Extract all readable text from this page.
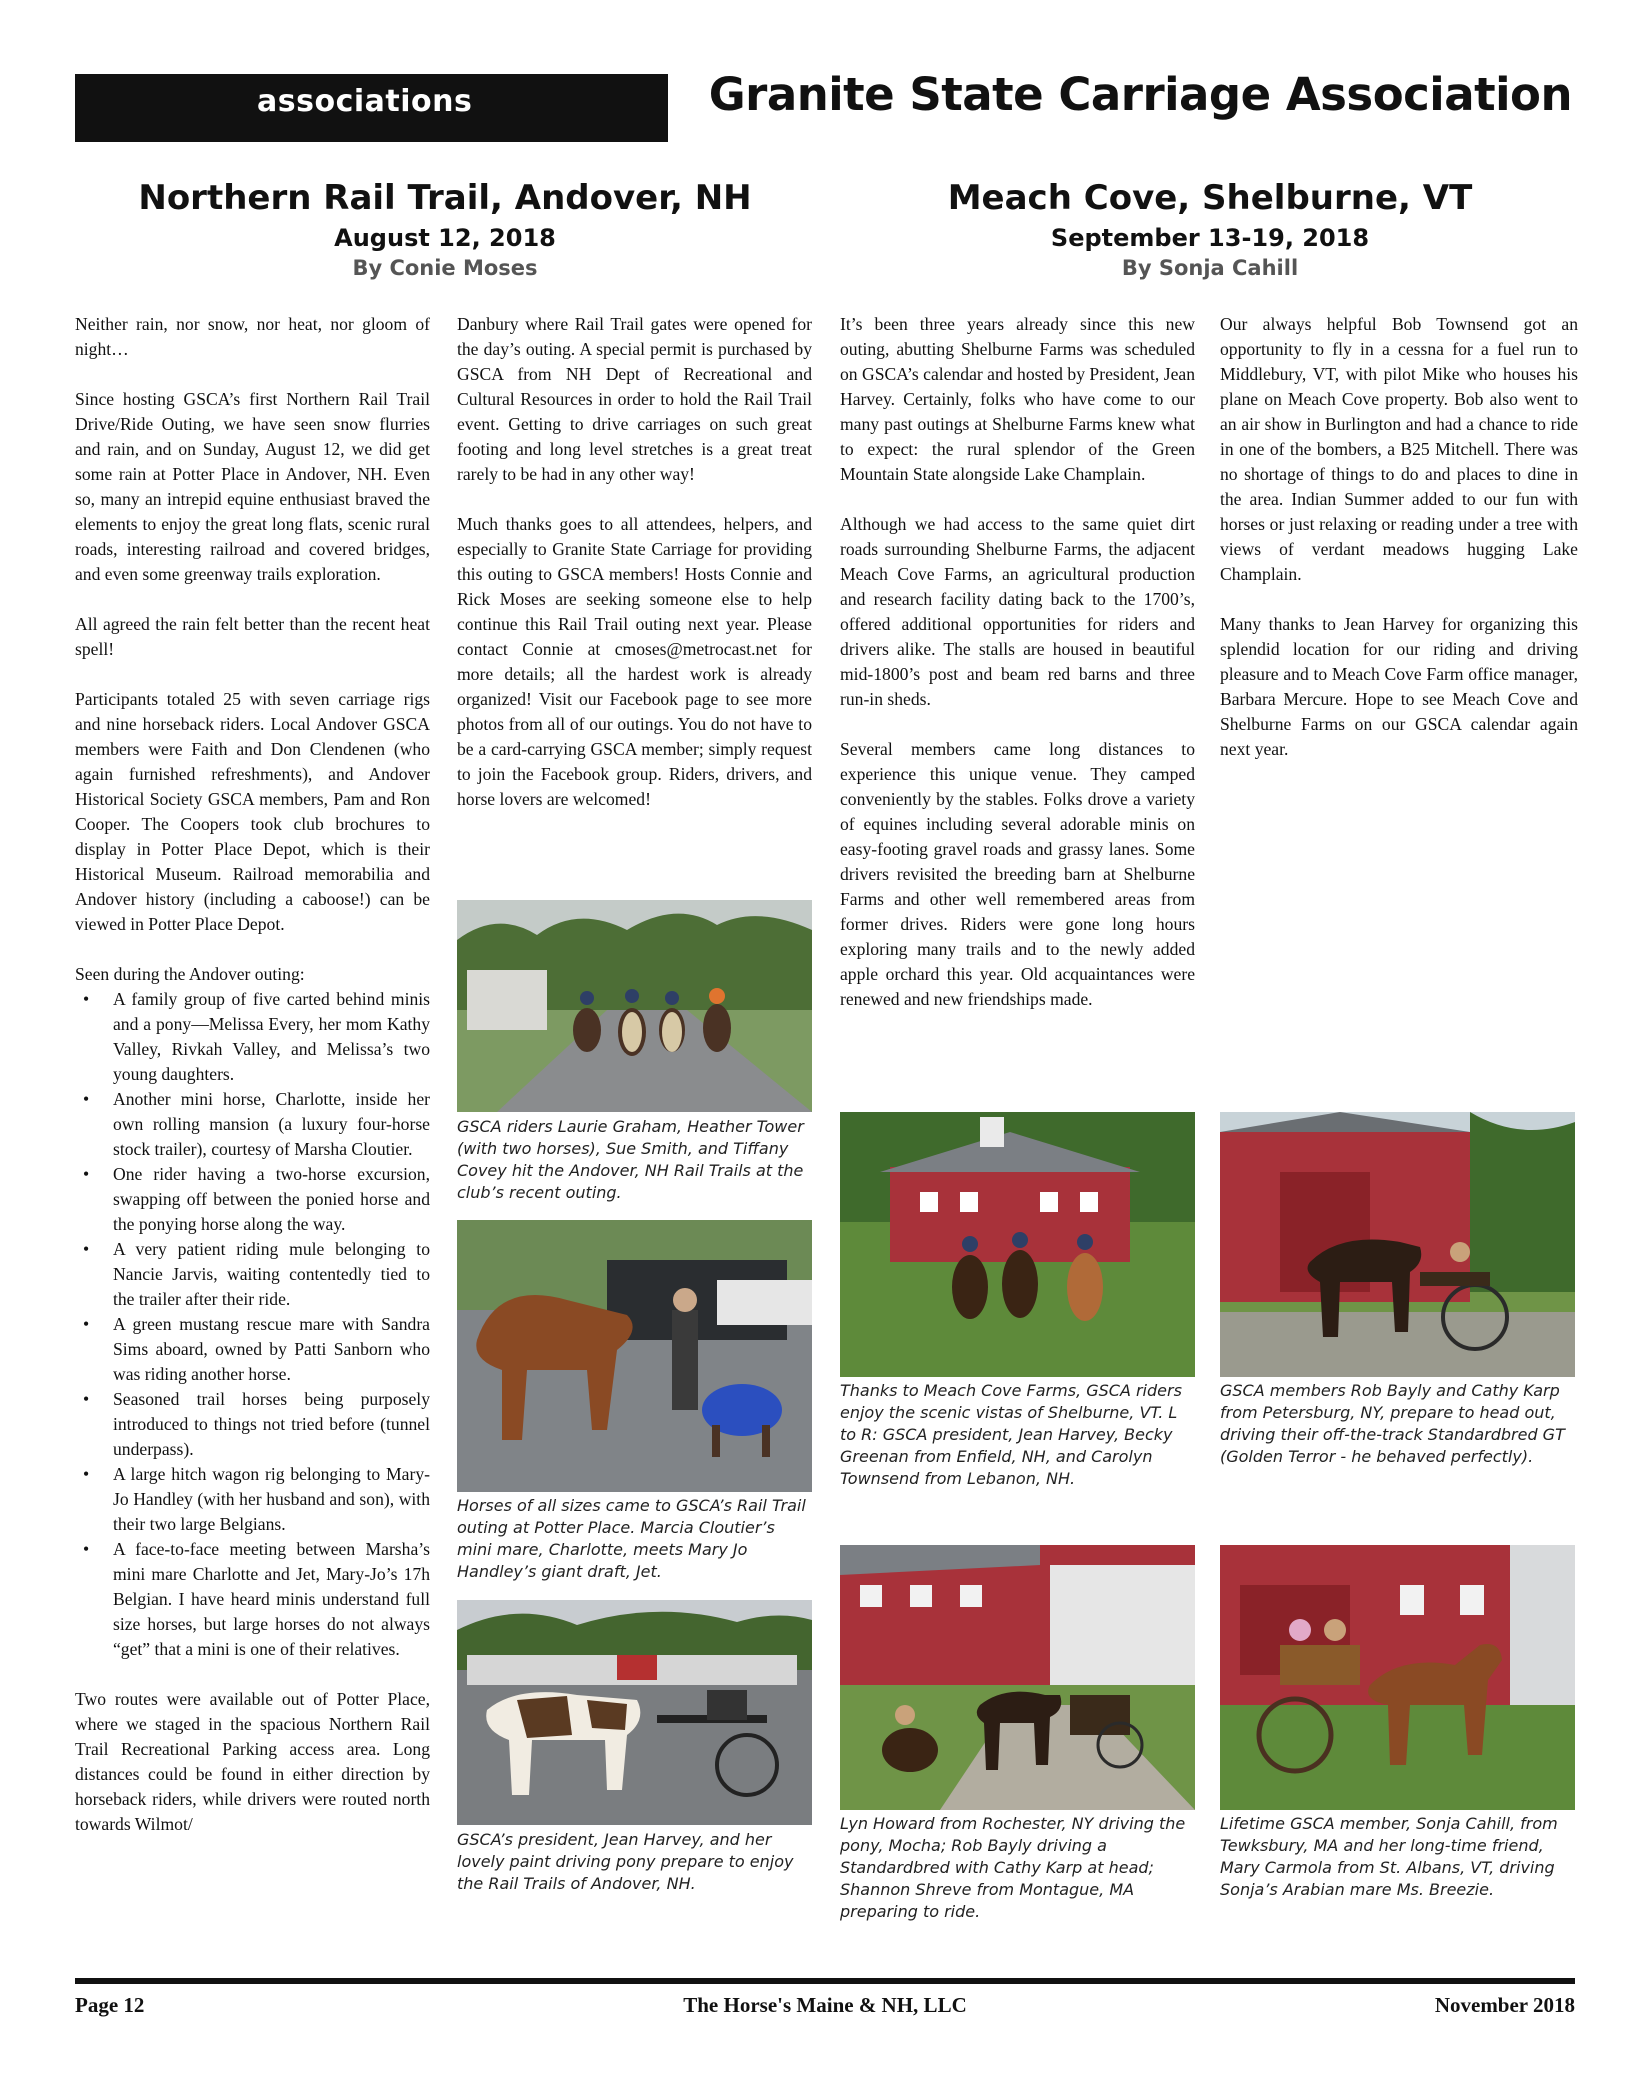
associations	Granite State Carriage Association
Northern Rail Trail, Andover, NH
August 12, 2018
By Conie Moses
Meach Cove, Shelburne, VT
September 13-19, 2018
By Sonja Cahill

Neither rain, nor snow, nor heat, nor gloom of night…

Since hosting GSCA’s first Northern Rail Trail Drive/Ride Outing, we have seen snow flurries and rain, and on Sunday, August 12, we did get some rain at Potter Place in Andover, NH. Even so, many an intrepid equine enthusiast braved the elements to enjoy the great long flats, scenic rural roads, interesting railroad and covered bridges, and even some greenway trails exploration.

All agreed the rain felt better than the recent heat spell!

Participants totaled 25 with seven carriage rigs and nine horseback riders. Local Andover GSCA members were Faith and Don Clendenen (who again furnished refreshments), and Andover Historical Society GSCA members, Pam and Ron Cooper. The Coopers took club brochures to display in Potter Place Depot, which is their Historical Museum. Railroad memorabilia and Andover history (including a caboose!) can be viewed in Potter Place Depot.

Seen during the Andover outing:

• A family group of five carted behind minis and a pony—Melissa Every, her mom Kathy Valley, Rivkah Valley, and Melissa’s two young daughters.
• Another mini horse, Charlotte, inside her own rolling mansion (a luxury four-horse stock trailer), courtesy of Marsha Cloutier.
• One rider having a two-horse excursion, swapping off between the ponied horse and the ponying horse along the way.
• A very patient riding mule belonging to Nancie Jarvis, waiting contentedly tied to the trailer after their ride.
• A green mustang rescue mare with Sandra Sims aboard, owned by Patti Sanborn who was riding another horse.
• Seasoned trail horses being purposely introduced to things not tried before (tunnel underpass).
• A large hitch wagon rig belonging to Mary-Jo Handley (with her husband and son), with their two large Belgians.
• A face-to-face meeting between Marsha’s mini mare Charlotte and Jet, Mary-Jo’s 17h Belgian. I have heard minis understand full size horses, but large horses do not always “get” that a mini is one of their relatives.

Two routes were available out of Potter Place, where we staged in the spacious Northern Rail Trail Recreational Parking access area. Long distances could be found in either direction by horseback riders, while drivers were routed north towards Wilmot/

Danbury where Rail Trail gates were opened for the day’s outing. A special permit is purchased by GSCA from NH Dept of Recreational and Cultural Resources in order to hold the Rail Trail event. Getting to drive carriages on such great footing and long level stretches is a great treat rarely to be had in any other way!

Much thanks goes to all attendees, helpers, and especially to Granite State Carriage for providing this outing to GSCA members! Hosts Connie and Rick Moses are seeking someone else to help continue this Rail Trail outing next year. Please contact Connie at cmoses@metrocast.net for more details; all the hardest work is already organized! Visit our Facebook page to see more photos from all of our outings. You do not have to be a card-carrying GSCA member; simply request to join the Facebook group. Riders, drivers, and horse lovers are welcomed!

It’s been three years already since this new outing, abutting Shelburne Farms was scheduled on GSCA’s calendar and hosted by President, Jean Harvey. Certainly, folks who have come to our many past outings at Shelburne Farms knew what to expect: the rural splendor of the Green Mountain State alongside Lake Champlain.

Although we had access to the same quiet dirt roads surrounding Shelburne Farms, the adjacent Meach Cove Farms, an agricultural production and research facility dating back to the 1700’s, offered additional opportunities for riders and drivers alike. The stalls are housed in beautiful mid-1800’s post and beam red barns and three run-in sheds.

Several members came long distances to experience this unique venue. They camped conveniently by the stables. Folks drove a variety of equines including several adorable minis on easy-footing gravel roads and grassy lanes. Some drivers revisited the breeding barn at Shelburne Farms and other well remembered areas from former drives. Riders were gone long hours exploring many trails and to the newly added apple orchard this year. Old acquaintances were renewed and new friendships made.

Our always helpful Bob Townsend got an opportunity to fly in a cessna for a fuel run to Middlebury, VT, with pilot Mike who houses his plane on Meach Cove property. Bob also went to an air show in Burlington and had a chance to ride in one of the bombers, a B25 Mitchell. There was no shortage of things to do and places to dine in the area. Indian Summer added to our fun with horses or just relaxing or reading under a tree with views of verdant meadows hugging Lake Champlain.

Many thanks to Jean Harvey for organizing this splendid location for our riding and driving pleasure and to Meach Cove Farm office manager, Barbara Mercure. Hope to see Meach Cove and Shelburne Farms on our GSCA calendar again next year.

GSCA riders Laurie Graham, Heather Tower (with two horses), Sue Smith, and Tiffany Covey hit the Andover, NH Rail Trails at the club’s recent outing.
Horses of all sizes came to GSCA’s Rail Trail outing at Potter Place. Marcia Cloutier’s mini mare, Charlotte, meets Mary Jo Handley’s giant draft, Jet.
GSCA’s president, Jean Harvey, and her lovely paint driving pony prepare to enjoy the Rail Trails of Andover, NH.
Thanks to Meach Cove Farms, GSCA riders enjoy the scenic vistas of Shelburne, VT. L to R: GSCA president, Jean Harvey, Becky Greenan from Enfield, NH, and Carolyn Townsend from Lebanon, NH.
GSCA members Rob Bayly and Cathy Karp from Petersburg, NY, prepare to head out, driving their off-the-track Standardbred GT (Golden Terror - he behaved perfectly).
Lyn Howard from Rochester, NY driving the pony, Mocha; Rob Bayly driving a Standardbred with Cathy Karp at head; Shannon Shreve from Montague, MA preparing to ride.
Lifetime GSCA member, Sonja Cahill, from Tewksbury, MA and her long-time friend, Mary Carmola from St. Albans, VT, driving Sonja’s Arabian mare Ms. Breezie.
Page 12	The Horse's Maine & NH, LLC	November 2018
